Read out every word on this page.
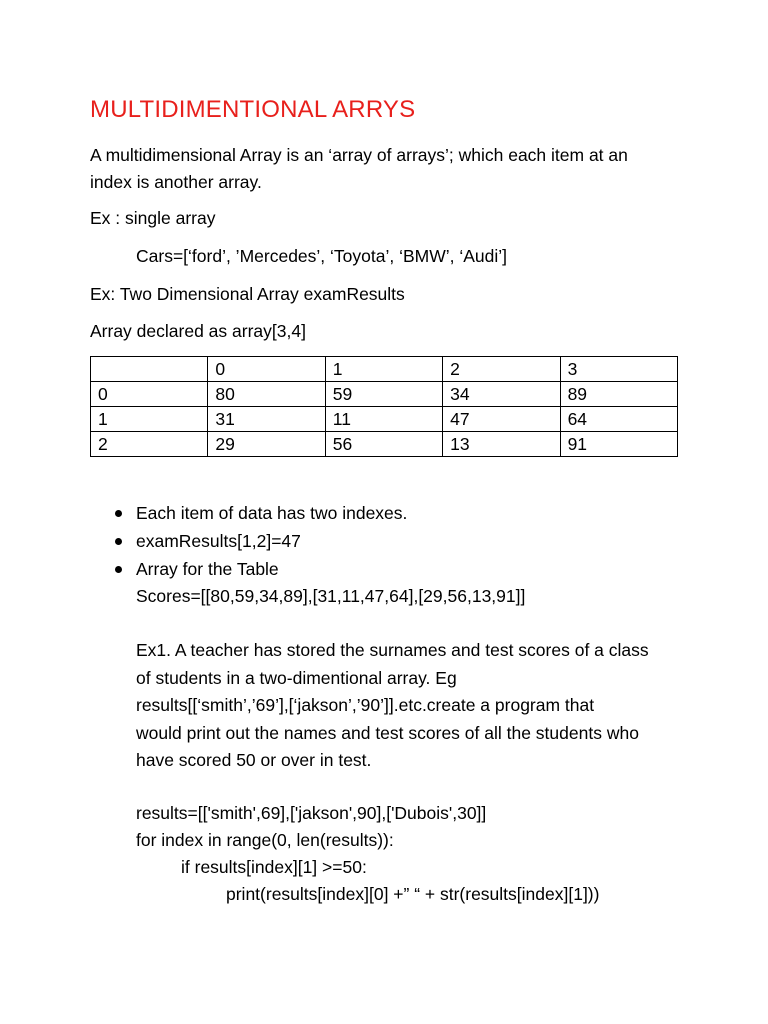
MULTIDIMENTIONAL ARRYS
A multidimensional Array is an ‘array of arrays’; which each item at an
index is another array.
Ex : single array
Cars=[‘ford’, ’Mercedes’, ‘Toyota’, ‘BMW’, ‘Audi’]
Ex: Two Dimensional Array examResults
Array declared as array[3,4]
	0	1	2	3
0	80	59	34	89
1	31	11	47	64
2	29	56	13	91
Each item of data has two indexes.
examResults[1,2]=47
Array for the Table
Scores=[[80,59,34,89],[31,11,47,64],[29,56,13,91]]
Ex1. A teacher has stored the surnames and test scores of a class
of students in a two-dimentional array. Eg
results[[‘smith’,’69’],[‘jakson’,’90’]].etc.create a program that
would print out the names and test scores of all the students who
have scored 50 or over in test.
results=[['smith',69],['jakson',90],['Dubois',30]]
for index in range(0, len(results)):
if results[index][1] >=50:
print(results[index][0] +” “ + str(results[index][1]))
